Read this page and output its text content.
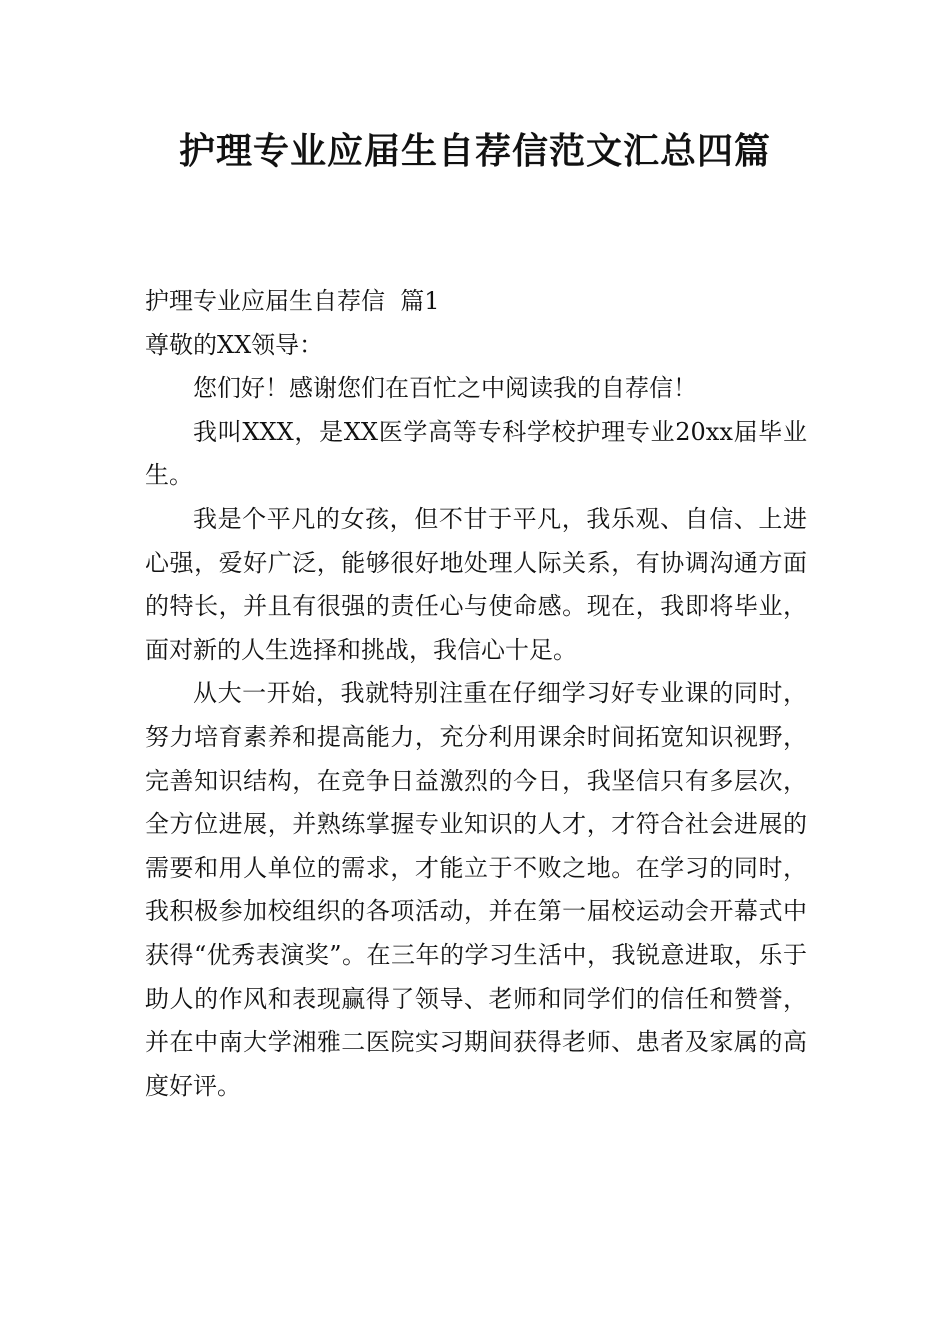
护理专业应届生自荐信范文汇总四篇

护理专业应届生自荐信  篇1

尊敬的XX领导：

您们好！感谢您们在百忙之中阅读我的自荐信！

我叫XXX，是XX医学高等专科学校护理专业20xx届毕业生。

我是个平凡的女孩，但不甘于平凡，我乐观、自信、上进心强，爱好广泛，能够很好地处理人际关系，有协调沟通方面的特长，并且有很强的责任心与使命感。现在，我即将毕业，面对新的人生选择和挑战，我信心十足。

从大一开始，我就特别注重在仔细学习好专业课的同时，努力培育素养和提高能力，充分利用课余时间拓宽知识视野，完善知识结构，在竞争日益激烈的今日，我坚信只有多层次，全方位进展，并熟练掌握专业知识的人才，才符合社会进展的需要和用人单位的需求，才能立于不败之地。在学习的同时，我积极参加校组织的各项活动，并在第一届校运动会开幕式中获得“优秀表演奖”。在三年的学习生活中，我锐意进取，乐于助人的作风和表现赢得了领导、老师和同学们的信任和赞誉，并在中南大学湘雅二医院实习期间获得老师、患者及家属的高度好评。
